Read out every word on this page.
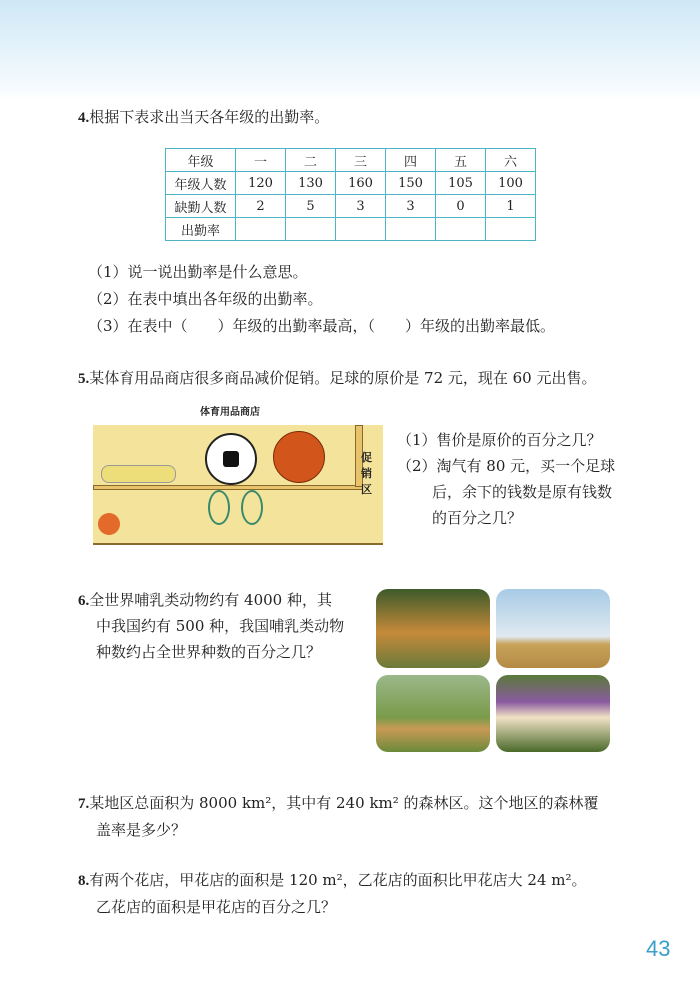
4.根据下表求出当天各年级的出勤率。
年级	一	二	三	四	五	六
年级人数	120	130	160	150	105	100
缺勤人数	2	5	3	3	0	1
出勤率						
（1）说一说出勤率是什么意思。
（2）在表中填出各年级的出勤率。
（3）在表中（　　）年级的出勤率最高，（　　）年级的出勤率最低。
5.某体育用品商店很多商品减价促销。足球的原价是 72 元，现在 60 元出售。
体育用品商店
促销区
（1）售价是原价的百分之几？
（2）淘气有 80 元，买一个足球
后，余下的钱数是原有钱数
的百分之几？
6.全世界哺乳类动物约有 4000 种，其
中我国约有 500 种，我国哺乳类动物
种数约占全世界种数的百分之几？
7.某地区总面积为 8000 km²，其中有 240 km² 的森林区。这个地区的森林覆
盖率是多少？
8.有两个花店，甲花店的面积是 120 m²，乙花店的面积比甲花店大 24 m²。
乙花店的面积是甲花店的百分之几？
43
